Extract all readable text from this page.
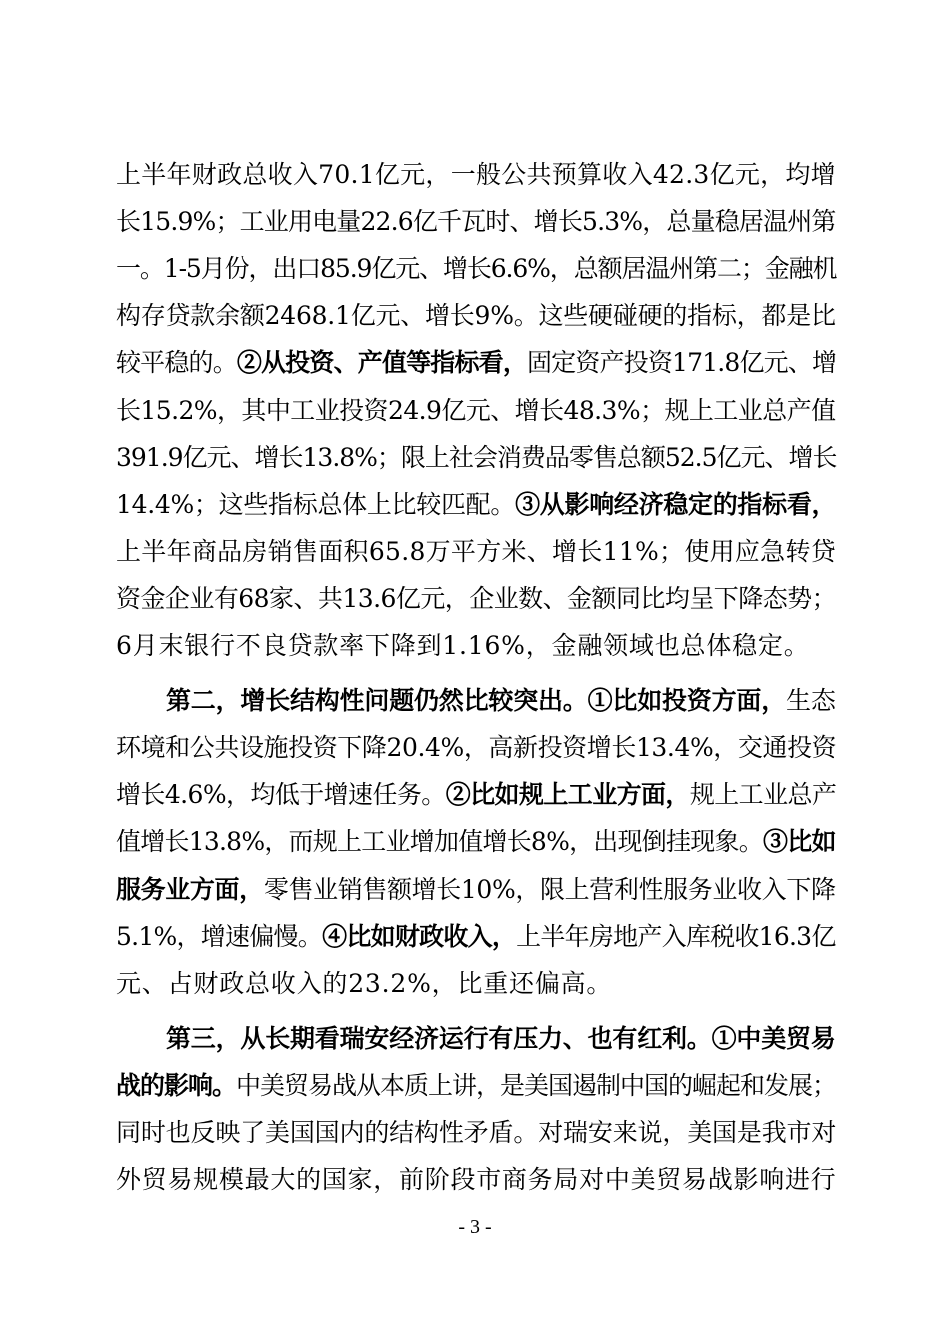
上半年财政总收入70.1亿元，一般公共预算收入42.3亿元，均增
长15.9%；工业用电量22.6亿千瓦时、增长5.3%，总量稳居温州第
一。1-5月份，出口85.9亿元、增长6.6%，总额居温州第二；金融机
构存贷款余额2468.1亿元、增长9%。这些硬碰硬的指标，都是比
较平稳的。②从投资、产值等指标看，固定资产投资171.8亿元、增
长15.2%，其中工业投资24.9亿元、增长48.3%；规上工业总产值
391.9亿元、增长13.8%；限上社会消费品零售总额52.5亿元、增长
14.4%；这些指标总体上比较匹配。③从影响经济稳定的指标看，
上半年商品房销售面积65.8万平方米、增长11%；使用应急转贷
资金企业有68家、共13.6亿元，企业数、金额同比均呈下降态势；
6月末银行不良贷款率下降到1.16%，金融领域也总体稳定。
第二，增长结构性问题仍然比较突出。①比如投资方面，生态
环境和公共设施投资下降20.4%，高新投资增长13.4%，交通投资
增长4.6%，均低于增速任务。②比如规上工业方面，规上工业总产
值增长13.8%，而规上工业增加值增长8%，出现倒挂现象。③比如
服务业方面，零售业销售额增长10%，限上营利性服务业收入下降
5.1%，增速偏慢。④比如财政收入，上半年房地产入库税收16.3亿
元、占财政总收入的23.2%，比重还偏高。
第三，从长期看瑞安经济运行有压力、也有红利。①中美贸易
战的影响。中美贸易战从本质上讲，是美国遏制中国的崛起和发展；
同时也反映了美国国内的结构性矛盾。对瑞安来说，美国是我市对
外贸易规模最大的国家，前阶段市商务局对中美贸易战影响进行
- 3 -
